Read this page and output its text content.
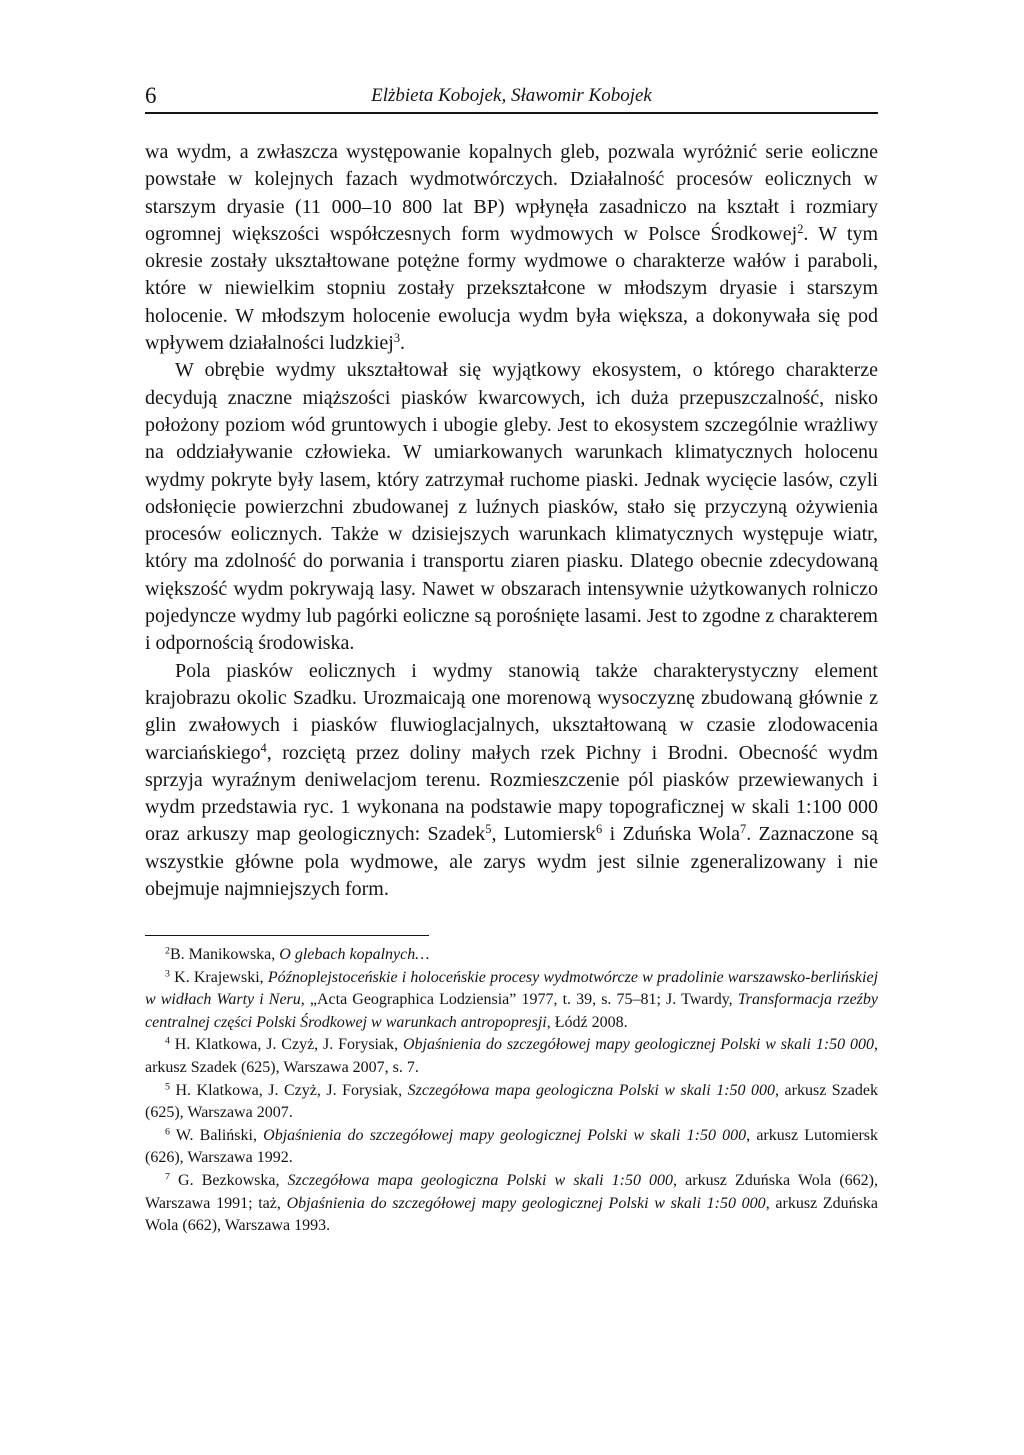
6	Elżbieta Kobojek, Sławomir Kobojek

wa wydm, a zwłaszcza występowanie kopalnych gleb, pozwala wyróżnić serie eoliczne powstałe w kolejnych fazach wydmotwórczych. Działalność procesów eolicznych w starszym dryasie (11 000–10 800 lat BP) wpłynęła zasadniczo na kształt i rozmiary ogromnej większości współczesnych form wydmowych w Polsce Środkowej$^2$. W tym okresie zostały ukształtowane potężne formy wydmowe o charakterze wałów i paraboli, które w niewielkim stopniu zostały przekształcone w młodszym dryasie i starszym holocenie. W młodszym holocenie ewolucja wydm była większa, a dokonywała się pod wpływem działalności ludzkiej$^3$.

W obrębie wydmy ukształtował się wyjątkowy ekosystem, o którego charakterze decydują znaczne miąższości piasków kwarcowych, ich duża przepuszczalność, nisko położony poziom wód gruntowych i ubogie gleby. Jest to ekosystem szczególnie wrażliwy na oddziaływanie człowieka. W umiarkowanych warunkach klimatycznych holocenu wydmy pokryte były lasem, który zatrzymał ruchome piaski. Jednak wycięcie lasów, czyli odsłonięcie powierzchni zbudowanej z luźnych piasków, stało się przyczyną ożywienia procesów eolicznych. Także w dzisiejszych warunkach klimatycznych występuje wiatr, który ma zdolność do porwania i transportu ziaren piasku. Dlatego obecnie zdecydowaną większość wydm pokrywają lasy. Nawet w obszarach intensywnie użytkowanych rolniczo pojedyncze wydmy lub pagórki eoliczne są porośnięte lasami. Jest to zgodne z charakterem i odpornością środowiska.

Pola piasków eolicznych i wydmy stanowią także charakterystyczny element krajobrazu okolic Szadku. Urozmaicają one morenową wysoczyznę zbudowaną głównie z glin zwałowych i piasków fluwioglacjalnych, ukształtowaną w czasie zlodowacenia warciańskiego$^4$, rozciętą przez doliny małych rzek Pichny i Brodni. Obecność wydm sprzyja wyraźnym deniwelacjom terenu. Rozmieszczenie pól piasków przewiewanych i wydm przedstawia ryc. 1 wykonana na podstawie mapy topograficznej w skali 1:100 000 oraz arkuszy map geologicznych: Szadek$^5$, Lutomiersk$^6$ i Zduńska Wola$^7$. Zaznaczone są wszystkie główne pola wydmowe, ale zarys wydm jest silnie zgeneralizowany i nie obejmuje najmniejszych form.

$^2$B. Manikowska, O glebach kopalnych…

$^3$ K. Krajewski, Późnoplejstoceńskie i holoceńskie procesy wydmotwórcze w pradolinie warszawsko-berlińskiej w widłach Warty i Neru, „Acta Geographica Lodziensia” 1977, t. 39, s. 75–81; J. Twardy, Transformacja rzeźby centralnej części Polski Środkowej w warunkach antropopresji, Łódź 2008.

$^4$ H. Klatkowa, J. Czyż, J. Forysiak, Objaśnienia do szczegółowej mapy geologicznej Polski w skali 1:50 000, arkusz Szadek (625), Warszawa 2007, s. 7.

$^5$ H. Klatkowa, J. Czyż, J. Forysiak, Szczegółowa mapa geologiczna Polski w skali 1:50 000, arkusz Szadek (625), Warszawa 2007.

$^6$ W. Baliński, Objaśnienia do szczegółowej mapy geologicznej Polski w skali 1:50 000, arkusz Lutomiersk (626), Warszawa 1992.

$^7$ G. Bezkowska, Szczegółowa mapa geologiczna Polski w skali 1:50 000, arkusz Zduńska Wola (662), Warszawa 1991; taż, Objaśnienia do szczegółowej mapy geologicznej Polski w skali 1:50 000, arkusz Zduńska Wola (662), Warszawa 1993.
